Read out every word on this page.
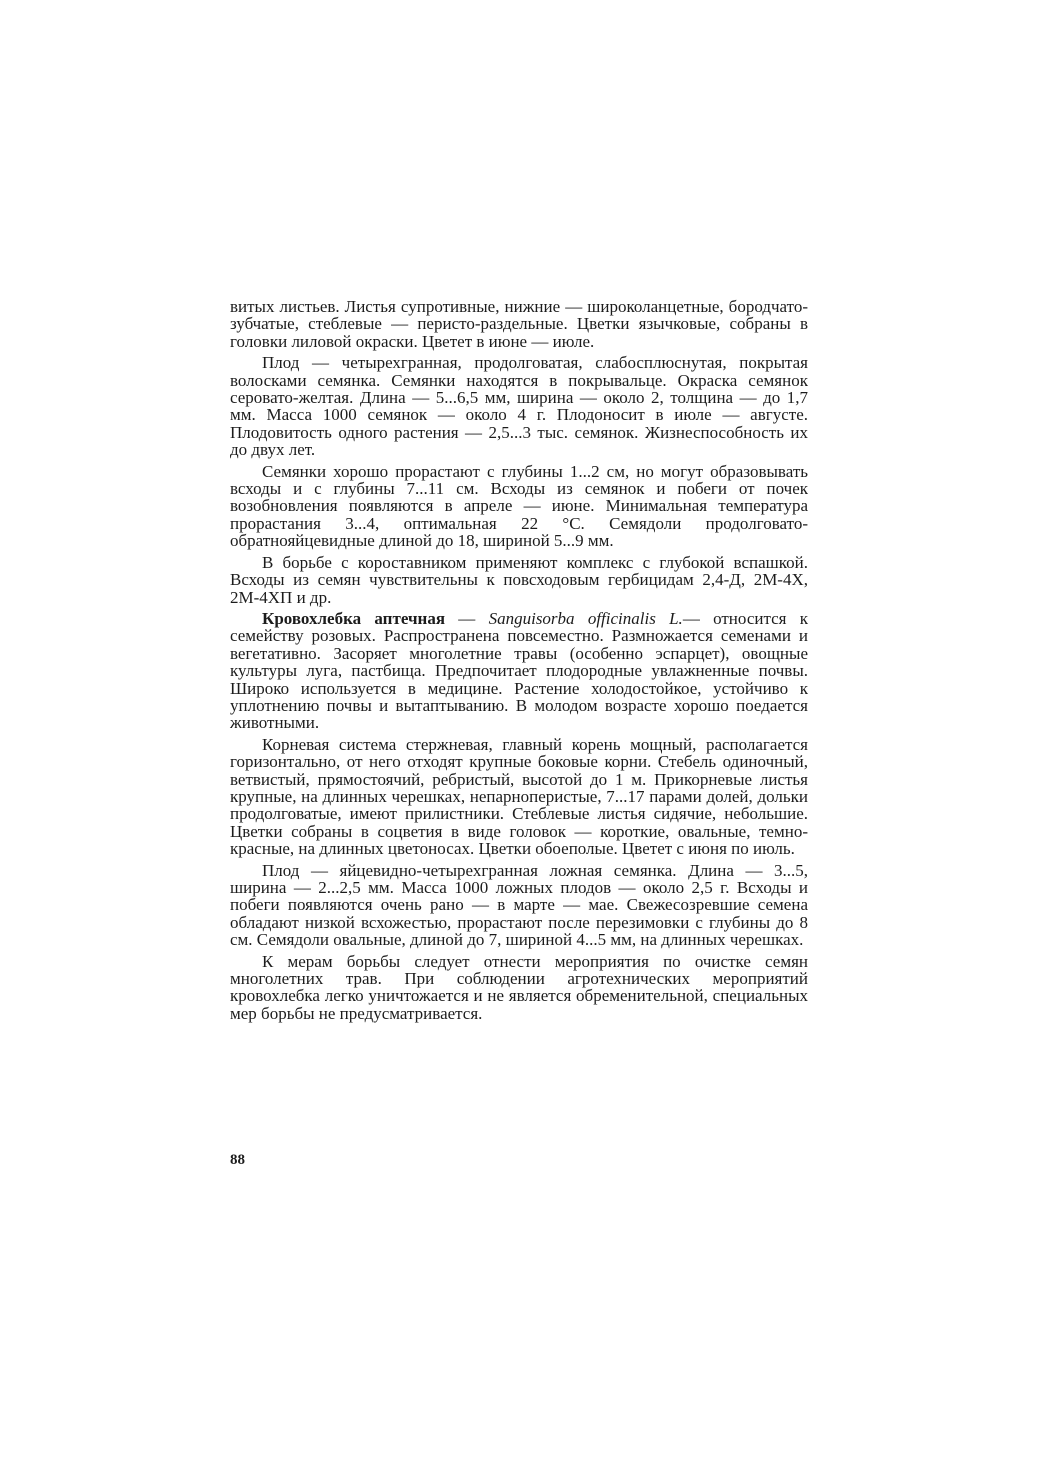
витых листьев. Листья супротивные, нижние — широколанцетные, бородчато-зубчатые, стеблевые — перисто-раздельные. Цветки язычковые, собраны в головки лиловой окраски. Цветет в июне — июле.

Плод — четырехгранная, продолговатая, слабосплюснутая, покрытая волосками семянка. Семянки находятся в покрывальце. Окраска семянок серовато-желтая. Длина — 5...6,5 мм, ширина — около 2, толщина — до 1,7 мм. Масса 1000 семянок — около 4 г. Плодоносит в июле — августе. Плодовитость одного растения — 2,5...3 тыс. семянок. Жизнеспособность их до двух лет.

Семянки хорошо прорастают с глубины 1...2 см, но могут образовывать всходы и с глубины 7...11 см. Всходы из семянок и побеги от почек возобновления появляются в апреле — июне. Минимальная температура прорастания 3...4, оптимальная 22 °С. Семядоли продолговато-обратнояйцевидные длиной до 18, шириной 5...9 мм.

В борьбе с короставником применяют комплекс с глубокой вспашкой. Всходы из семян чувствительны к повсходовым гербицидам 2,4-Д, 2М-4Х, 2М-4ХП и др.

Кровохлебка аптечная — Sanguisorba officinalis L.— относится к семейству розовых. Распространена повсеместно. Размножается семенами и вегетативно. Засоряет многолетние травы (особенно эспарцет), овощные культуры луга, пастбища. Предпочитает плодородные увлажненные почвы. Широко используется в медицине. Растение холодостойкое, устойчиво к уплотнению почвы и вытаптыванию. В молодом возрасте хорошо поедается животными.

Корневая система стержневая, главный корень мощный, располагается горизонтально, от него отходят крупные боковые корни. Стебель одиночный, ветвистый, прямостоячий, ребристый, высотой до 1 м. Прикорневые листья крупные, на длинных черешках, непарноперистые, 7...17 парами долей, дольки продолговатые, имеют прилистники. Стеблевые листья сидячие, небольшие. Цветки собраны в соцветия в виде головок — короткие, овальные, темно-красные, на длинных цветоносах. Цветки обоеполые. Цветет с июня по июль.

Плод — яйцевидно-четырехгранная ложная семянка. Длина — 3...5, ширина — 2...2,5 мм. Масса 1000 ложных плодов — около 2,5 г. Всходы и побеги появляются очень рано — в марте — мае. Свежесозревшие семена обладают низкой всхожестью, прорастают после перезимовки с глубины до 8 см. Семядоли овальные, длиной до 7, шириной 4...5 мм, на длинных черешках.

К мерам борьбы следует отнести мероприятия по очистке семян многолетних трав. При соблюдении агротехнических мероприятий кровохлебка легко уничтожается и не является обременительной, специальных мер борьбы не предусматривается.

88
